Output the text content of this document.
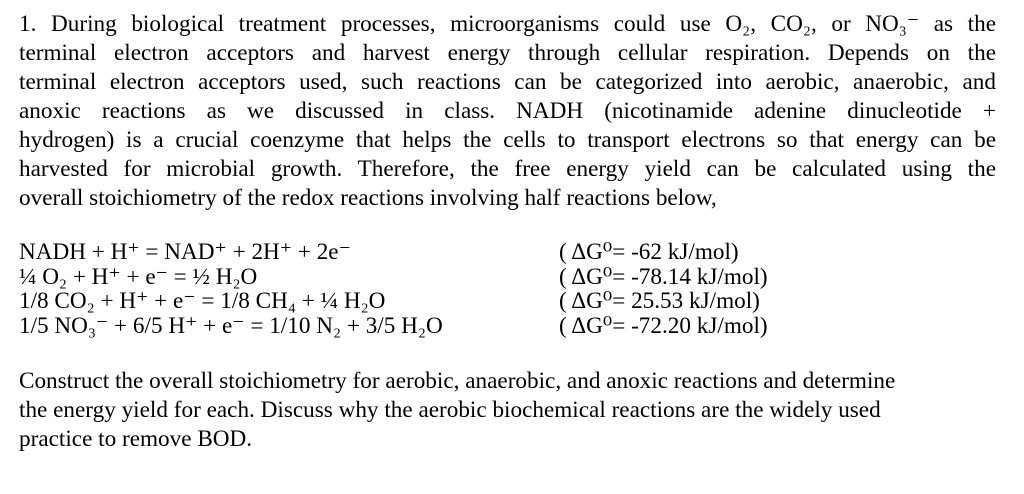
1. During biological treatment processes, microorganisms could use O₂, CO₂, or NO₃⁻ as the
terminal electron acceptors and harvest energy through cellular respiration. Depends on the
terminal electron acceptors used, such reactions can be categorized into aerobic, anaerobic, and
anoxic reactions as we discussed in class. NADH (nicotinamide adenine dinucleotide +
hydrogen) is a crucial coenzyme that helps the cells to transport electrons so that energy can be
harvested for microbial growth. Therefore, the free energy yield can be calculated using the
overall stoichiometry of the redox reactions involving half reactions below,

NADH + H⁺ = NAD⁺ + 2H⁺ + 2e⁻	( ΔG⁰= -62 kJ/mol)
¼ O₂ + H⁺ + e⁻ = ½ H₂O	( ΔG⁰= -78.14 kJ/mol)
1/8 CO₂ + H⁺ + e⁻ = 1/8 CH₄ + ¼ H₂O	( ΔG⁰= 25.53 kJ/mol)
1/5 NO₃⁻ + 6/5 H⁺ + e⁻ = 1/10 N₂ + 3/5 H₂O	( ΔG⁰= -72.20 kJ/mol)
Construct the overall stoichiometry for aerobic, anaerobic, and anoxic reactions and determine
the energy yield for each. Discuss why the aerobic biochemical reactions are the widely used
practice to remove BOD.
